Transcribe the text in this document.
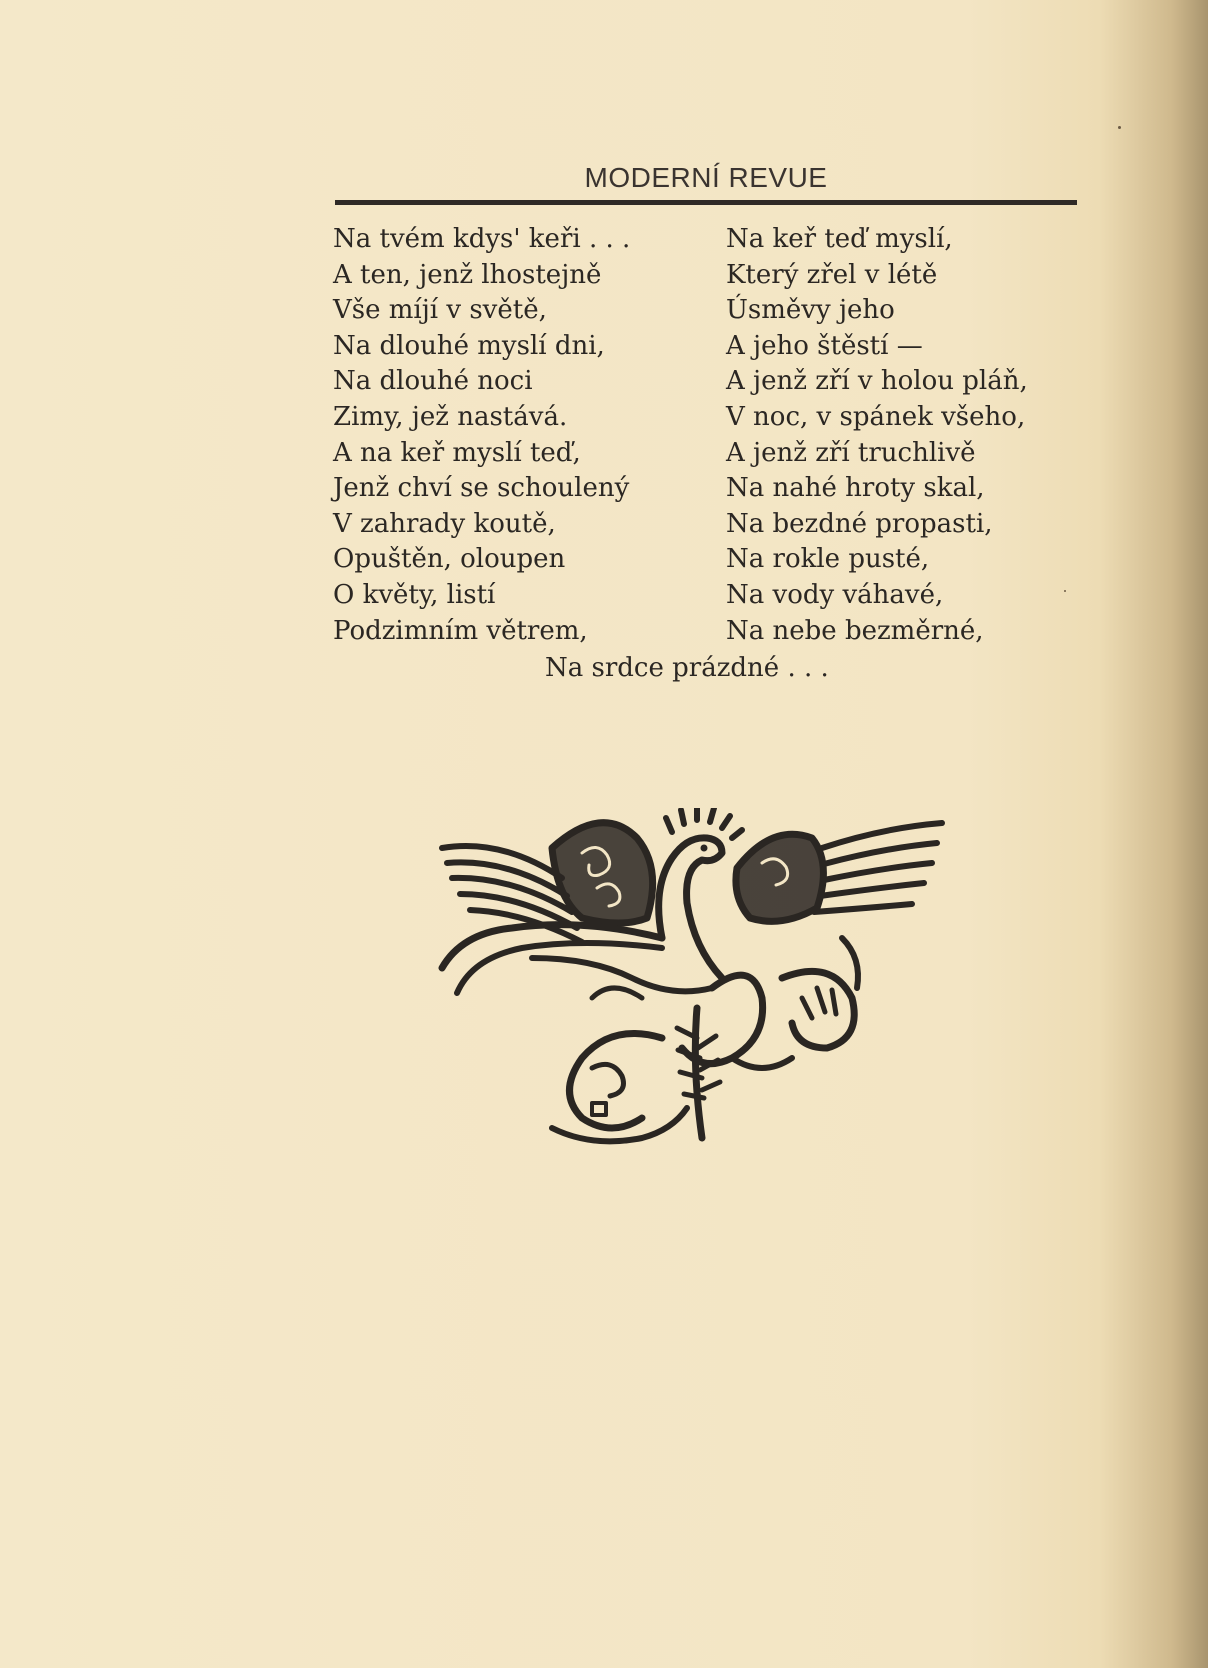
MODERNÍ REVUE
Na tvém kdys' keři . . .
A ten, jenž lhostejně
Vše míjí v světě,
Na dlouhé myslí dni,
Na dlouhé noci
Zimy, jež nastává.
A na keř myslí teď,
Jenž chví se schoulený
V zahrady koutě,
Opuštěn, oloupen
O květy, listí
Podzimním větrem,
Na keř teď myslí,
Který zřel v létě
Úsměvy jeho
A jeho štěstí —
A jenž zří v holou pláň,
V noc, v spánek všeho,
A jenž zří truchlivě
Na nahé hroty skal,
Na bezdné propasti,
Na rokle pusté,
Na vody váhavé,
Na nebe bezměrné,
Na srdce prázdné . . .
